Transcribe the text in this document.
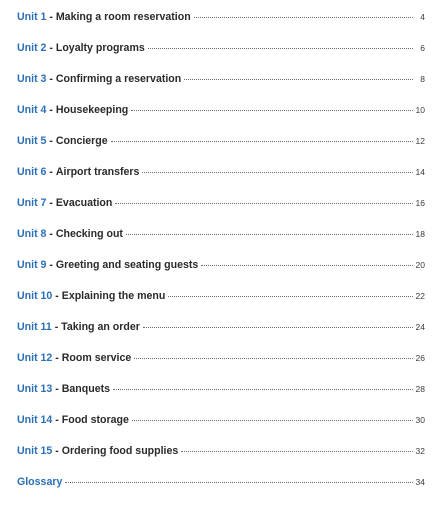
Unit 1 - Making a room reservation	4
Unit 2 - Loyalty programs	6
Unit 3 - Confirming a reservation	8
Unit 4 - Housekeeping	10
Unit 5 - Concierge	12
Unit 6 - Airport transfers	14
Unit 7 - Evacuation	16
Unit 8 - Checking out	18
Unit 9 - Greeting and seating guests	20
Unit 10 - Explaining the menu	22
Unit 11 - Taking an order	24
Unit 12 - Room service	26
Unit 13 - Banquets	28
Unit 14 - Food storage	30
Unit 15 - Ordering food supplies	32
Glossary	34
